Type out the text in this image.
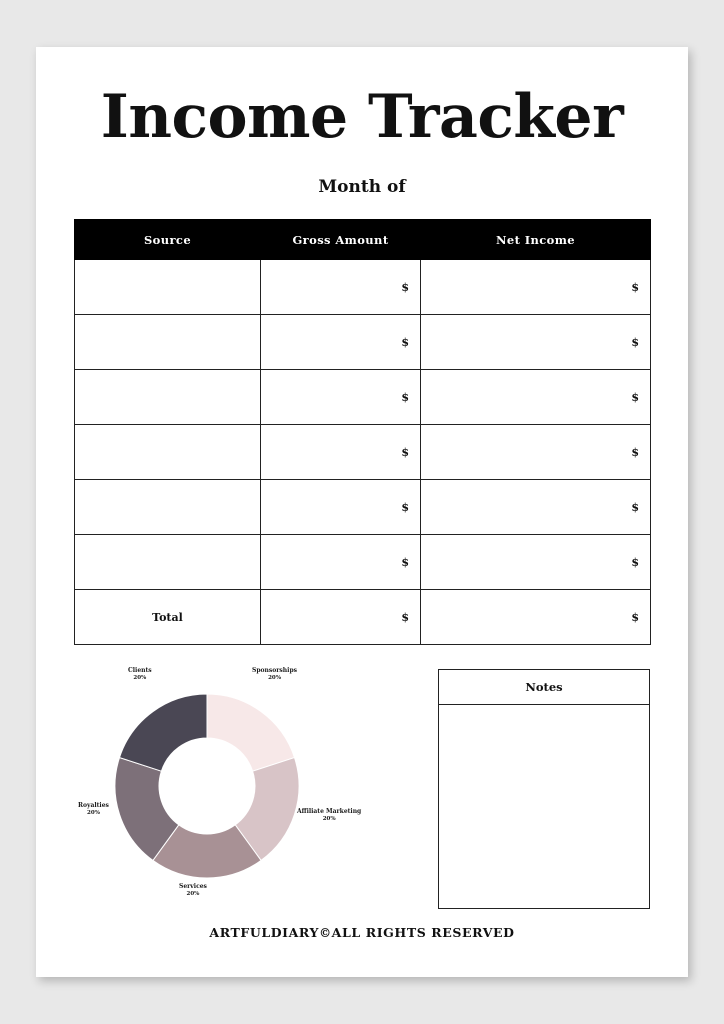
Income Tracker
Month of
Source	Gross Amount	Net Income
	$	$
	$	$
	$	$
	$	$
	$	$
	$	$
Total	$	$
Sponsorships
20%
Affiliate Marketing
20%
Services
20%
Royalties
20%
Clients
20%
Notes
ARTFULDIARY©ALL RIGHTS RESERVED
